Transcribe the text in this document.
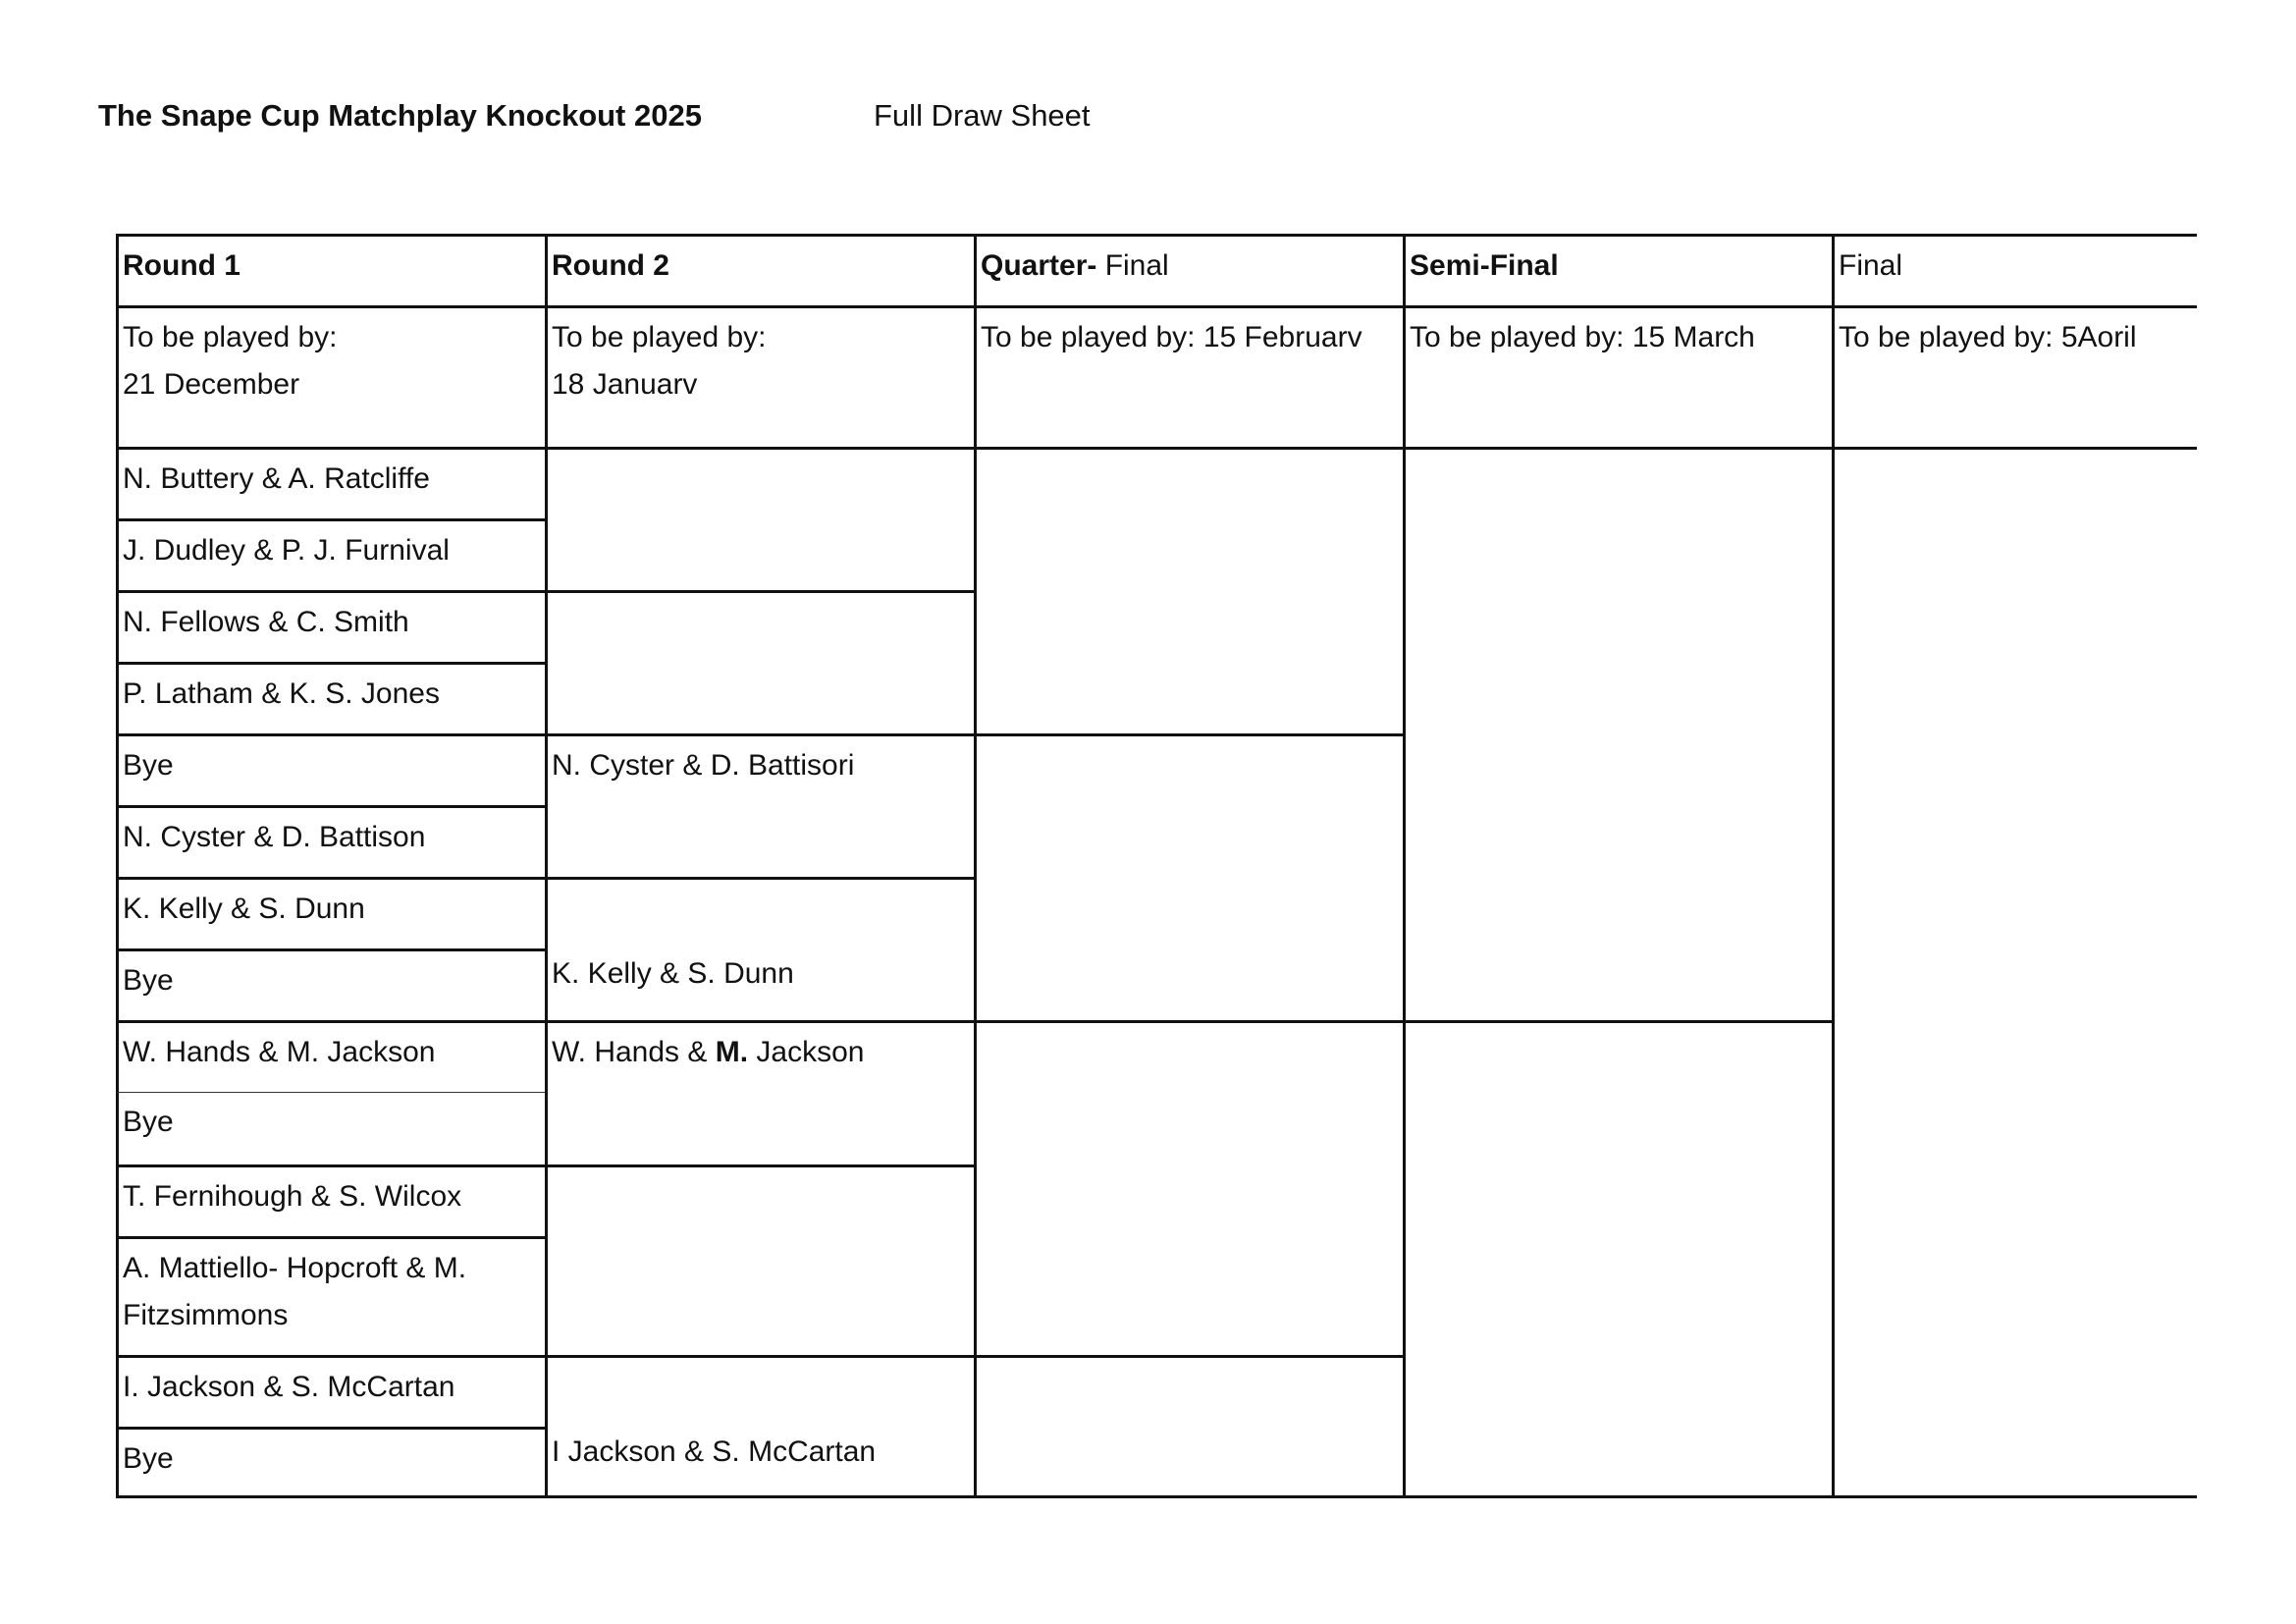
The Snape Cup Matchplay Knockout 2025	Full Draw Sheet
Round 1
To be played by:
21 December
N. Buttery & A. Ratcliffe
J. Dudley & P. J. Furnival
N. Fellows & C. Smith
P. Latham & K. S. Jones
Bye
N. Cyster & D. Battison
K. Kelly & S. Dunn
Bye
W. Hands & M. Jackson
Bye
T. Fernihough & S. Wilcox
A. Mattiello- Hopcroft & M.
Fitzsimmons
I. Jackson & S. McCartan
Bye
Round 2
To be played by:
18 Januarv
N. Cyster & D. Battisori
K. Kelly & S. Dunn
W. Hands & M. Jackson
I Jackson & S. McCartan
Quarter- Final
To be played by: 15 Februarv
Semi-Final
To be played by: 15 March
Final
To be played by: 5Aoril
